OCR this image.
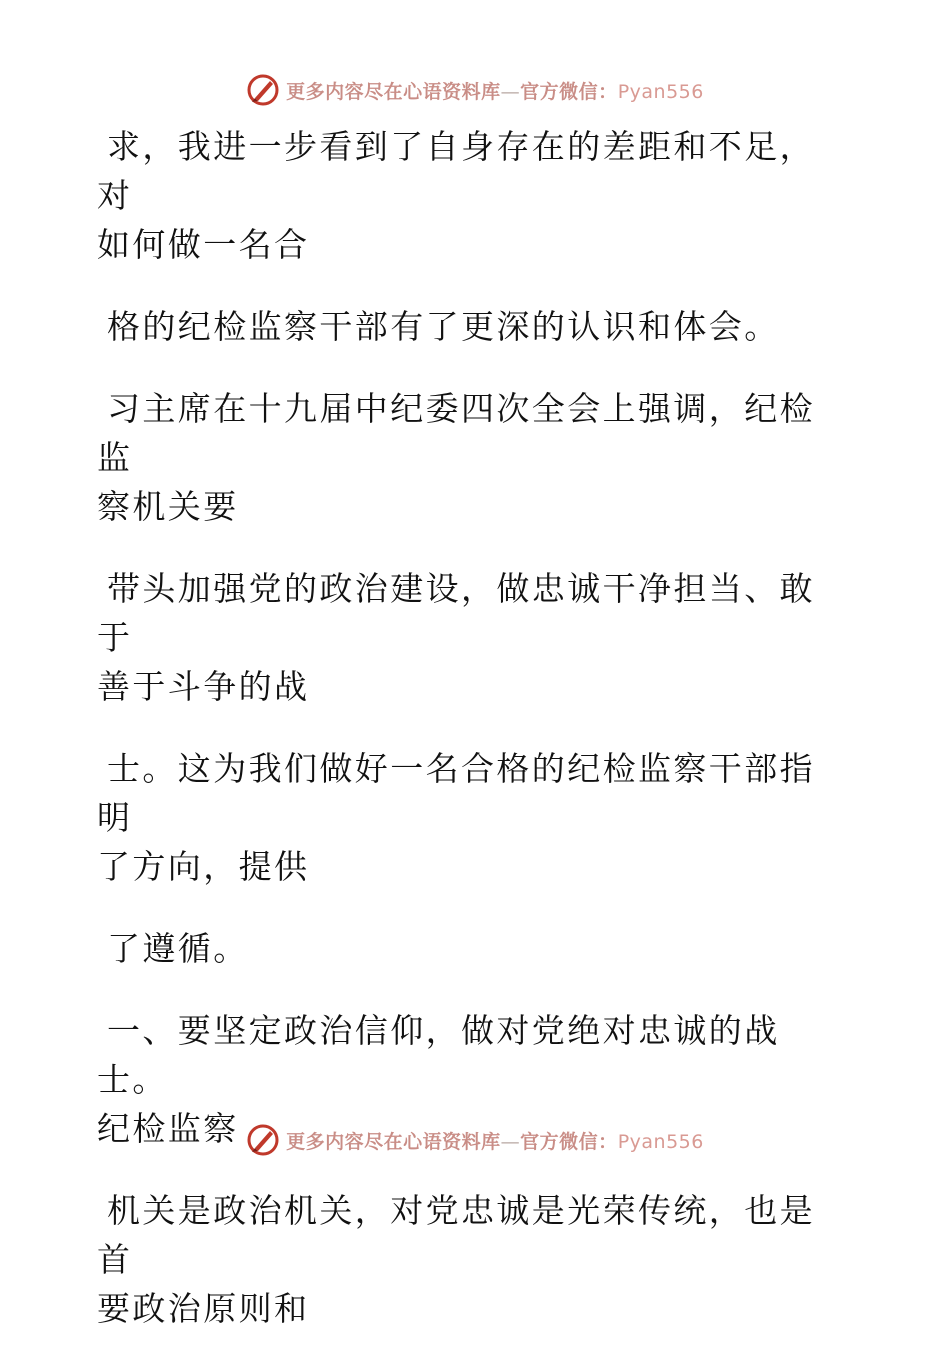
更多内容尽在心语资料库—官方微信：Pyan556

求，我进一步看到了自身存在的差距和不足，对
如何做一名合

格的纪检监察干部有了更深的认识和体会。

习主席在十九届中纪委四次全会上强调，纪检监
察机关要

带头加强党的政治建设，做忠诚干净担当、敢于
善于斗争的战

士。这为我们做好一名合格的纪检监察干部指明
了方向，提供

了遵循。

一、要坚定政治信仰，做对党绝对忠诚的战士。
纪检监察

机关是政治机关，对党忠诚是光荣传统，也是首
要政治原则和

更多内容尽在心语资料库—官方微信：Pyan556
